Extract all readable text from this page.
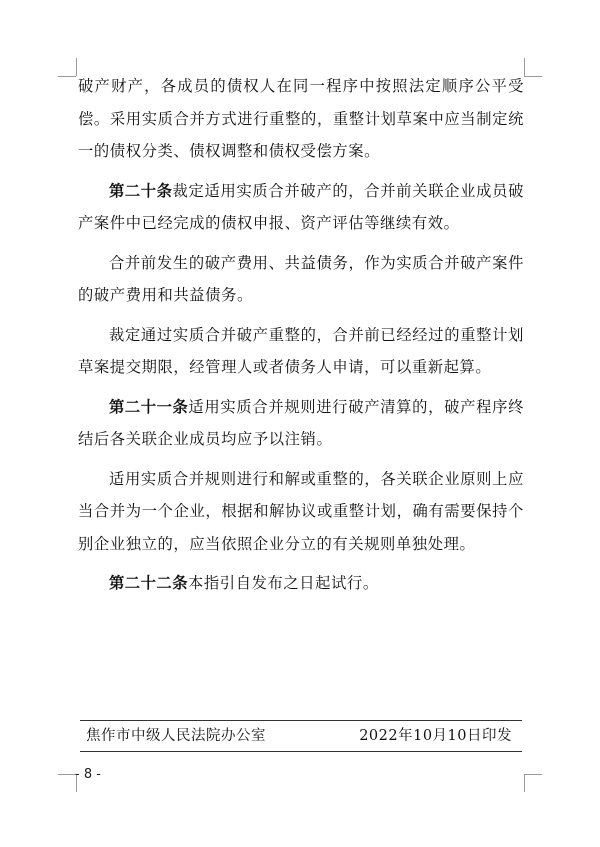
破产财产，各成员的债权人在同一程序中按照法定顺序公平受偿。采用实质合并方式进行重整的，重整计划草案中应当制定统一的债权分类、债权调整和债权受偿方案。

第二十条裁定适用实质合并破产的，合并前关联企业成员破产案件中已经完成的债权申报、资产评估等继续有效。

合并前发生的破产费用、共益债务，作为实质合并破产案件的破产费用和共益债务。

裁定通过实质合并破产重整的，合并前已经经过的重整计划草案提交期限，经管理人或者债务人申请，可以重新起算。

第二十一条适用实质合并规则进行破产清算的，破产程序终结后各关联企业成员均应予以注销。

适用实质合并规则进行和解或重整的，各关联企业原则上应当合并为一个企业，根据和解协议或重整计划，确有需要保持个别企业独立的，应当依照企业分立的有关规则单独处理。

第二十二条本指引自发布之日起试行。

焦作市中级人民法院办公室	2022年10月10日印发
- 8 -
